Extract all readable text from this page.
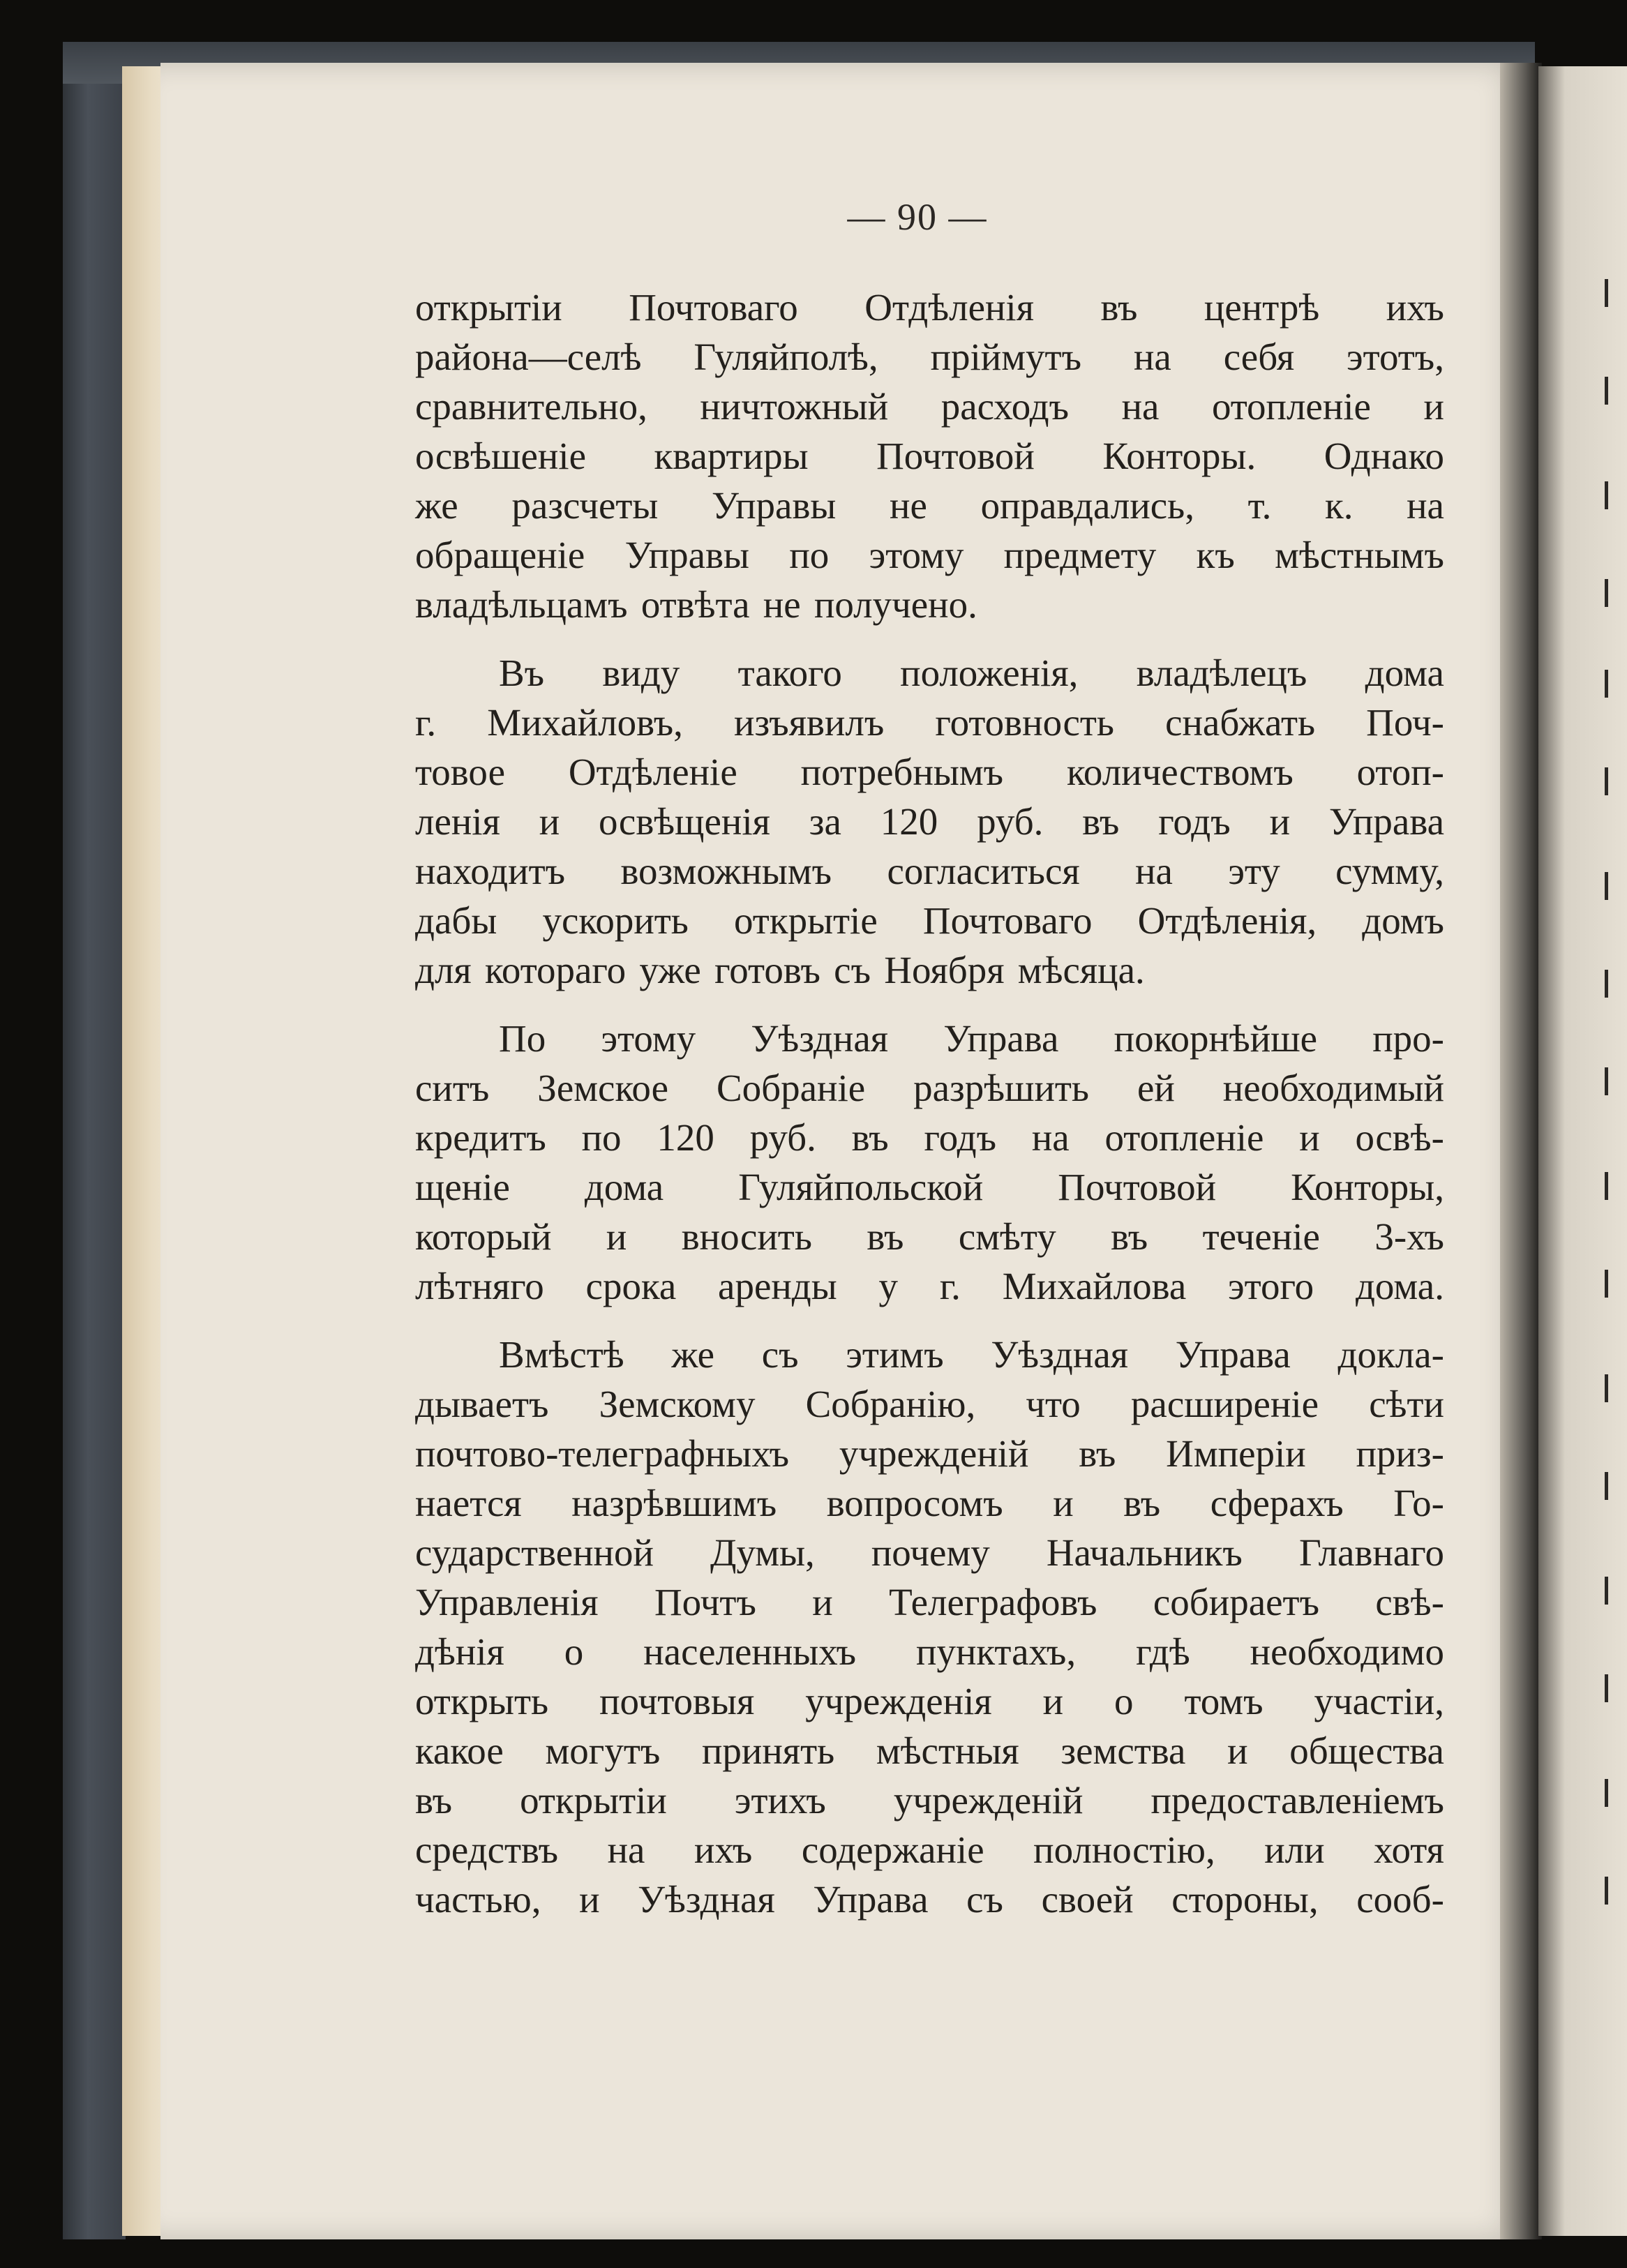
— 90 —
открытіи Почтоваго Отдѣленія въ центрѣ ихъ
района—селѣ Гуляйполѣ, пріймутъ на себя этотъ,
сравнительно, ничтожный расходъ на отопленіе и
освѣшеніе квартиры Почтовой Конторы. Однако
же разсчеты Управы не оправдались, т. к. на
обращеніе Управы по этому предмету къ мѣстнымъ
владѣльцамъ отвѣта не получено.
Въ виду такого положенія, владѣлецъ дома
г. Михайловъ, изъявилъ готовность снабжать Поч-
товое Отдѣленіе потребнымъ количествомъ отоп-
ленія и освѣщенія за 120 руб. въ годъ и Управа
находитъ возможнымъ согласиться на эту сумму,
дабы ускорить открытіе Почтоваго Отдѣленія, домъ
для котораго уже готовъ съ Ноября мѣсяца.
По этому Уѣздная Управа покорнѣйше про-
ситъ Земское Собраніе разрѣшить ей необходимый
кредитъ по 120 руб. въ годъ на отопленіе и освѣ-
щеніе дома Гуляйпольской Почтовой Конторы,
который и вносить въ смѣту въ теченіе 3-хъ
лѣтняго срока аренды у г. Михайлова этого дома.
Вмѣстѣ же съ этимъ Уѣздная Управа доклa-
дываетъ Земскому Собранію, что расширеніе сѣти
почтово-телеграфныхъ учрежденій въ Имперіи приз-
нается назрѣвшимъ вопросомъ и въ сферахъ Го-
сударственной Думы, почему Начальникъ Главнаго
Управленія Почтъ и Телеграфовъ собираетъ свѣ-
дѣнія о населенныхъ пунктахъ, гдѣ необходимо
открыть почтовыя учрежденія и о томъ участіи,
какое могутъ принять мѣстныя земства и общества
въ открытіи этихъ учрежденій предоставленіемъ
средствъ на ихъ содержаніе полностію, или хотя
частью, и Уѣздная Управа съ своей стороны, сооб-
